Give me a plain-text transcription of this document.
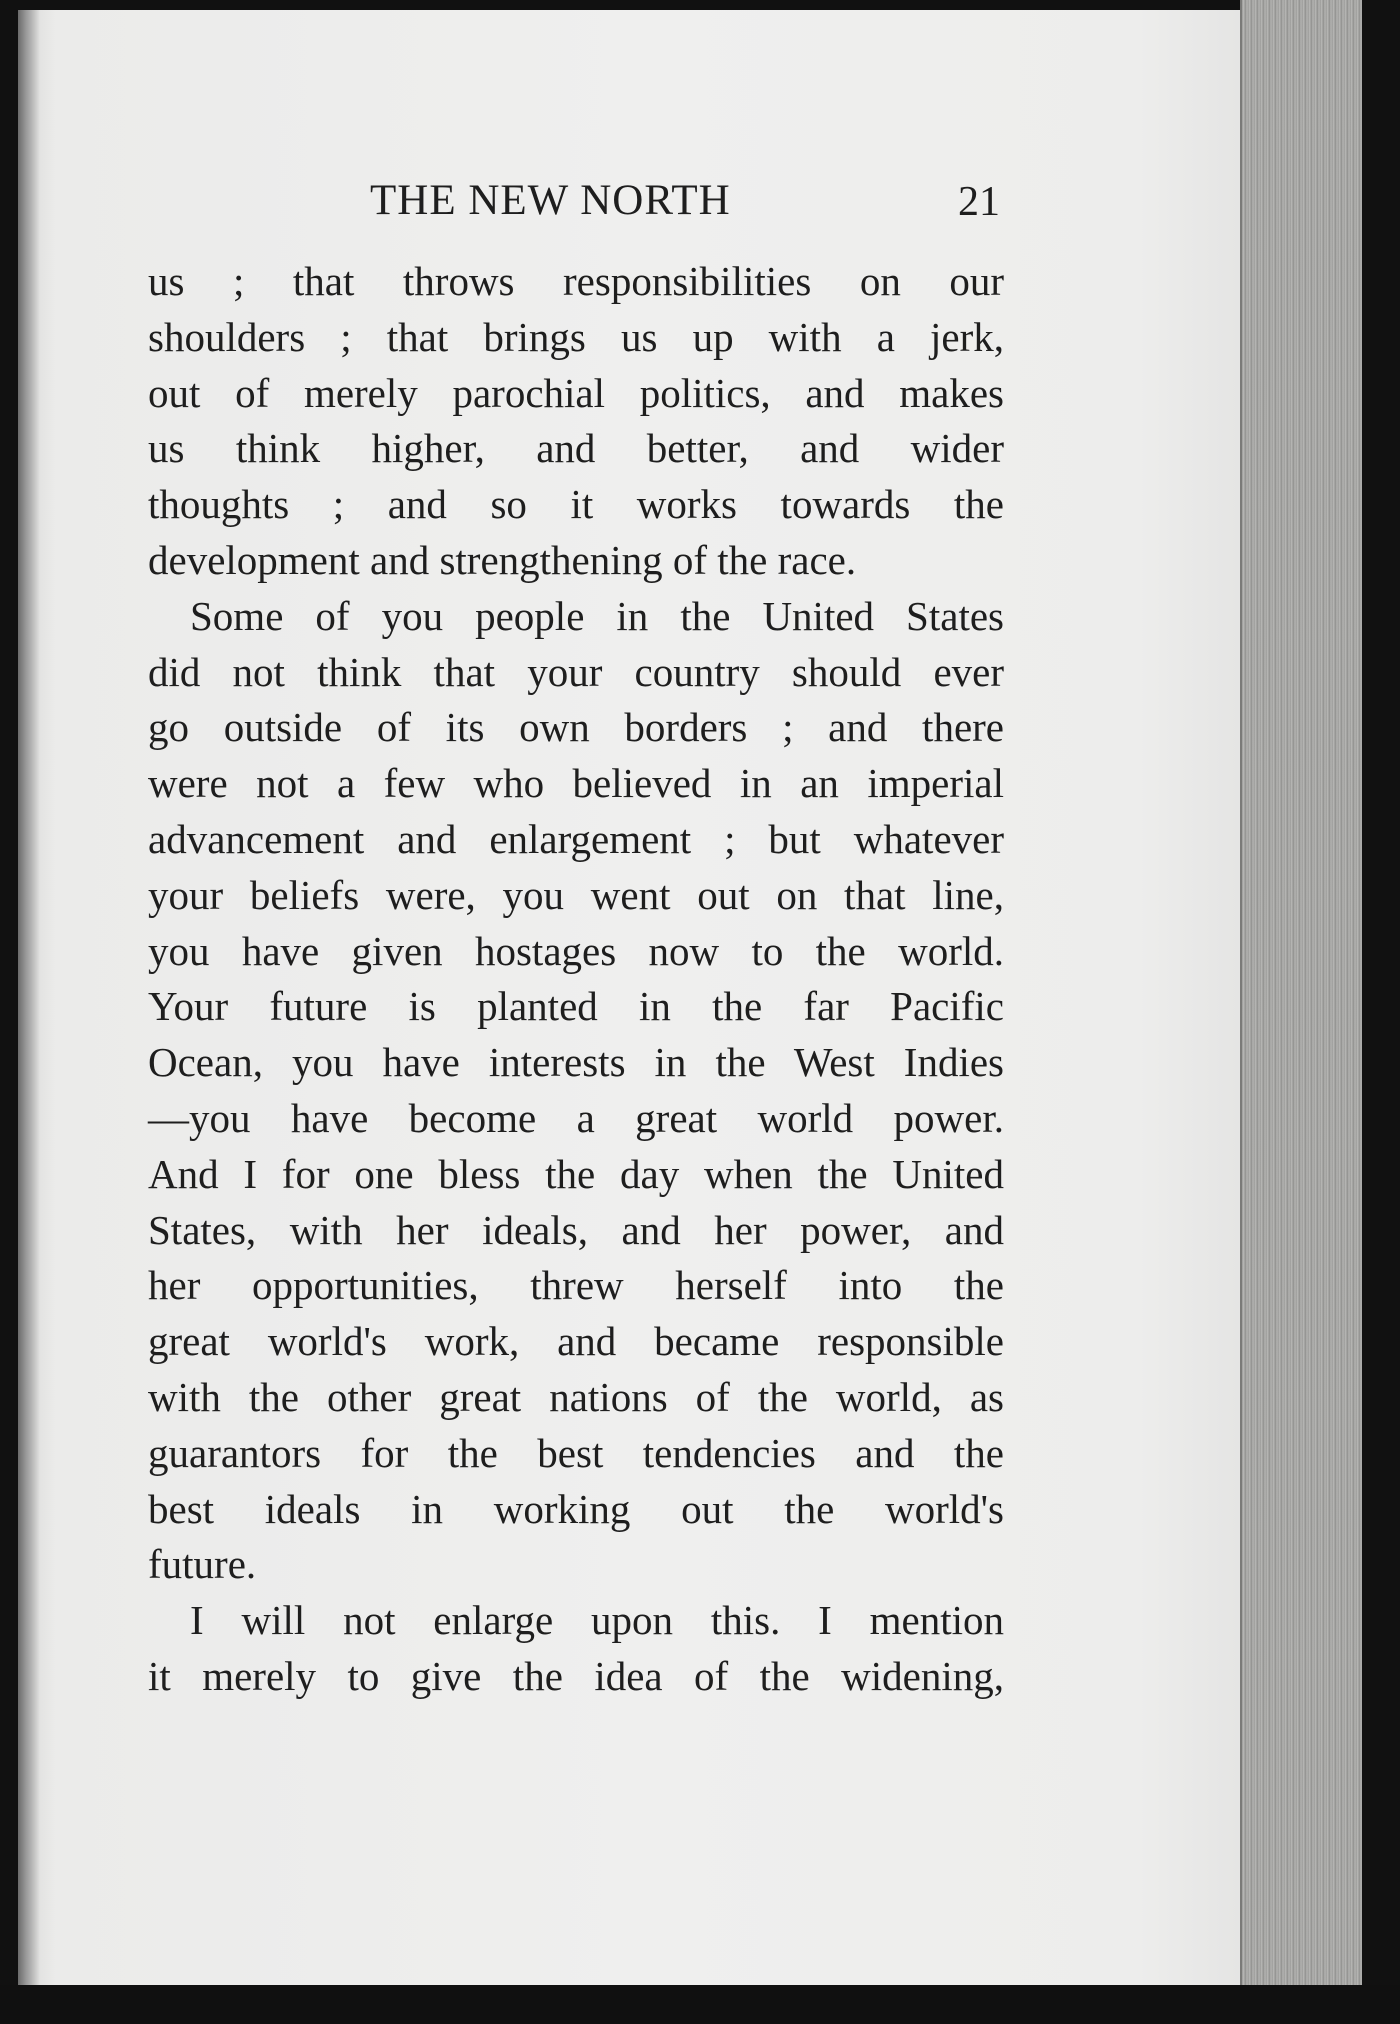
THE NEW NORTH	21
us ; that throws responsibilities on our
shoulders ; that brings us up with a jerk,
out of merely parochial politics, and makes
us think higher, and better, and wider
thoughts ; and so it works towards the
development and strengthening of the race.
Some of you people in the United States
did not think that your country should ever
go outside of its own borders ; and there
were not a few who believed in an imperial
advancement and enlargement ; but whatever
your beliefs were, you went out on that line,
you have given hostages now to the world.
Your future is planted in the far Pacific
Ocean, you have interests in the West Indies
—you have become a great world power.
And I for one bless the day when the United
States, with her ideals, and her power, and
her opportunities, threw herself into the
great world's work, and became responsible
with the other great nations of the world, as
guarantors for the best tendencies and the
best ideals in working out the world's
future.
I will not enlarge upon this. I mention
it merely to give the idea of the widening,
